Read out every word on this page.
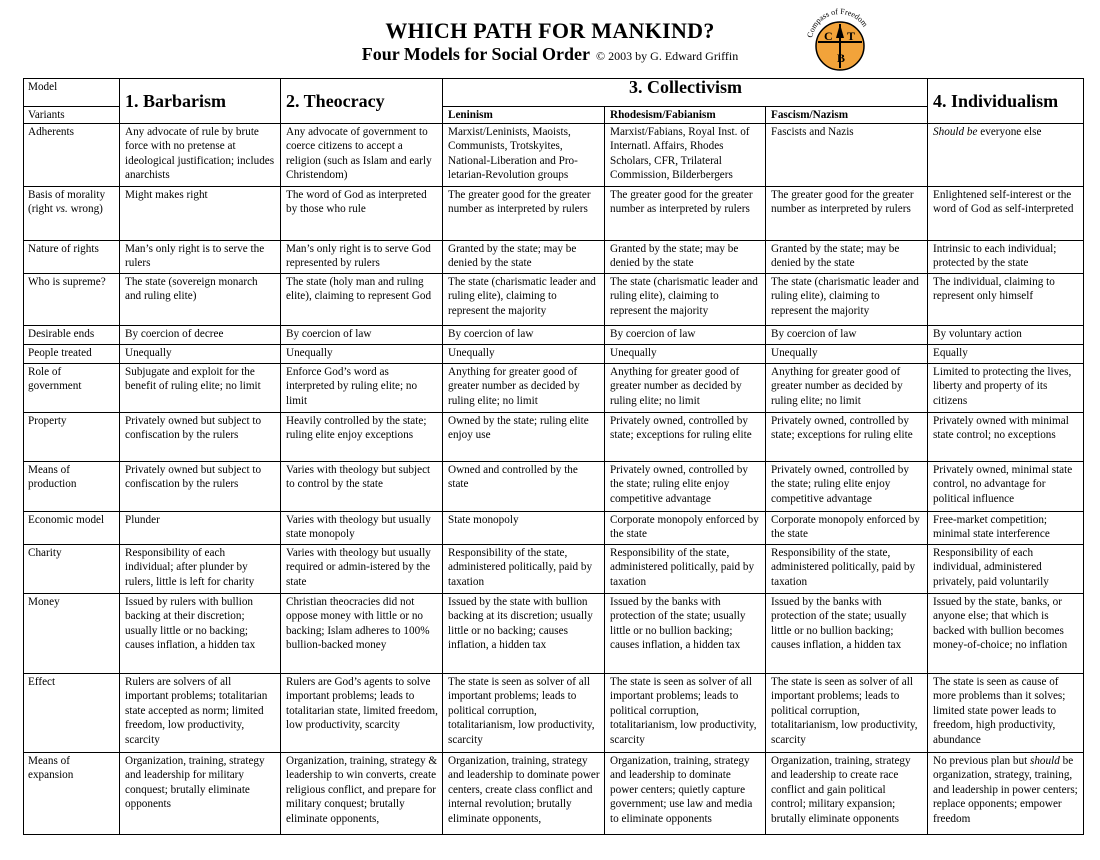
WHICH PATH FOR MANKIND?
Four Models for Social Order © 2003 by G. Edward Griffin
Compass of Freedom
C T
B
Model	1. Barbarism	2. Theocracy	3. Collectivism			4. Individualism
Variants			Leninism	Rhodesism/Fabianism	Fascism/Nazism	
Adherents	Any advocate of rule by brute force with no pretense at ideological justification; includes anarchists	Any advocate of government to coerce citizens to accept a religion (such as Islam and early Christendom)	Marxist/Leninists, Maoists, Communists, Trotskyites, National-Liberation and Pro-letarian-Revolution groups	Marxist/Fabians, Royal Inst. of Internatl. Affairs, Rhodes Scholars, CFR, Trilateral Commission, Bilderbergers	Fascists and Nazis	Should be everyone else
Basis of morality (right vs. wrong)	Might makes right	The word of God as interpreted by those who rule	The greater good for the greater number as interpreted by rulers	The greater good for the greater number as interpreted by rulers	The greater good for the greater number as interpreted by rulers	Enlightened self-interest or the word of God as self-interpreted
Nature of rights	Man’s only right is to serve the rulers	Man’s only right is to serve God represented by rulers	Granted by the state; may be denied by the state	Granted by the state; may be denied by the state	Granted by the state; may be denied by the state	Intrinsic to each individual; protected by the state
Who is supreme?	The state (sovereign monarch and ruling elite)	The state (holy man and ruling elite), claiming to represent God	The state (charismatic leader and ruling elite), claiming to represent the majority	The state (charismatic leader and ruling elite), claiming to represent the majority	The state (charismatic leader and ruling elite), claiming to represent the majority	The individual, claiming to represent only himself
Desirable ends	By coercion of decree	By coercion of law	By coercion of law	By coercion of law	By coercion of law	By voluntary action
People treated	Unequally	Unequally	Unequally	Unequally	Unequally	Equally
Role of government	Subjugate and exploit for the benefit of ruling elite; no limit	Enforce God’s word as interpreted by ruling elite; no limit	Anything for greater good of greater number as decided by ruling elite; no limit	Anything for greater good of greater number as decided by ruling elite; no limit	Anything for greater good of greater number as decided by ruling elite; no limit	Limited to protecting the lives, liberty and property of its citizens
Property	Privately owned but subject to confiscation by the rulers	Heavily controlled by the state; ruling elite enjoy exceptions	Owned by the state; ruling elite enjoy use	Privately owned, controlled by state; exceptions for ruling elite	Privately owned, controlled by state; exceptions for ruling elite	Privately owned with minimal state control; no exceptions
Means of production	Privately owned but subject to confiscation by the rulers	Varies with theology but subject to control by the state	Owned and controlled by the state	Privately owned, controlled by the state; ruling elite enjoy competitive advantage	Privately owned, controlled by the state; ruling elite enjoy competitive advantage	Privately owned, minimal state control, no advantage for political influence
Economic model	Plunder	Varies with theology but usually state monopoly	State monopoly	Corporate monopoly enforced by the state	Corporate monopoly enforced by the state	Free-market competition; minimal state interference
Charity	Responsibility of each individual; after plunder by rulers, little is left for charity	Varies with theology but usually required or admin-istered by the state	Responsibility of the state, administered politically, paid by taxation	Responsibility of the state, administered politically, paid by taxation	Responsibility of the state, administered politically, paid by taxation	Responsibility of each individual, administered privately, paid voluntarily
Money	Issued by rulers with bullion backing at their discretion; usually little or no backing; causes inflation, a hidden tax	Christian theocracies did not oppose money with little or no backing; Islam adheres to 100% bullion-backed money	Issued by the state with bullion backing at its discretion; usually little or no backing; causes inflation, a hidden tax	Issued by the banks with protection of the state; usually little or no bullion backing; causes inflation, a hidden tax	Issued by the banks with protection of the state; usually little or no bullion backing; causes inflation, a hidden tax	Issued by the state, banks, or anyone else; that which is backed with bullion becomes money-of-choice; no inflation
Effect	Rulers are solvers of all important problems; totalitarian state accepted as norm; limited freedom, low productivity, scarcity	Rulers are God’s agents to solve important problems; leads to totalitarian state, limited freedom, low productivity, scarcity	The state is seen as solver of all important problems; leads to political corruption, totalitarianism, low productivity, scarcity	The state is seen as solver of all important problems; leads to political corruption, totalitarianism, low productivity, scarcity	The state is seen as solver of all important problems; leads to political corruption, totalitarianism, low productivity, scarcity	The state is seen as cause of more problems than it solves; limited state power leads to freedom, high productivity, abundance
Means of expansion	Organization, training, strategy and leadership for military conquest; brutally eliminate opponents	Organization, training, strategy & leadership to win converts, create religious conflict, and prepare for military conquest; brutally eliminate opponents,	Organization, training, strategy and leadership to dominate power centers, create class conflict and internal revolution; brutally eliminate opponents,	Organization, training, strategy and leadership to dominate power centers; quietly capture government; use law and media to eliminate opponents	Organization, training, strategy and leadership to create race conflict and gain political control; military expansion; brutally eliminate opponents	No previous plan but should be organization, strategy, training, and leadership in power centers; replace opponents; empower freedom
